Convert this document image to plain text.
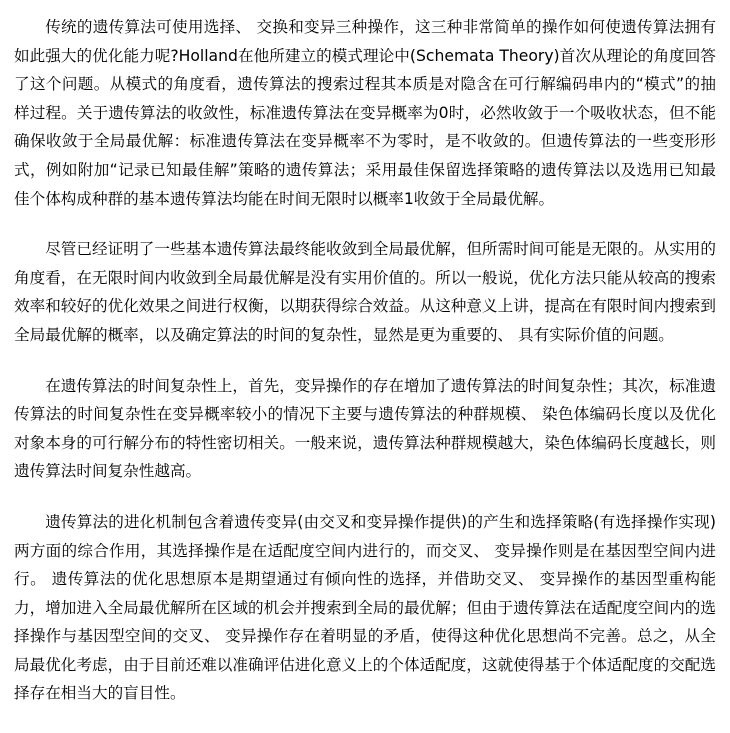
传统的遗传算法可使用选择、 交换和变异三种操作，这三种非常简单的操作如何使遗传算法拥有如此强大的优化能力呢?Holland在他所建立的模式理论中(Schemata Theory)首次从理论的角度回答了这个问题。从模式的角度看，遗传算法的搜索过程其本质是对隐含在可行解编码串内的“模式”的抽样过程。关于遗传算法的收敛性，标准遗传算法在变异概率为0时，必然收敛于一个吸收状态，但不能确保收敛于全局最优解：标准遗传算法在变异概率不为零时，是不收敛的。但遗传算法的一些变形形式，例如附加“记录已知最佳解”策略的遗传算法；采用最佳保留选择策略的遗传算法以及选用已知最佳个体构成种群的基本遗传算法均能在时间无限时以概率1收敛于全局最优解。

尽管已经证明了一些基本遗传算法最终能收敛到全局最优解，但所需时间可能是无限的。从实用的角度看，在无限时间内收敛到全局最优解是没有实用价值的。所以一般说，优化方法只能从较高的搜索效率和较好的优化效果之间进行权衡，以期获得综合效益。从这种意义上讲，提高在有限时间内搜索到全局最优解的概率，以及确定算法的时间的复杂性，显然是更为重要的、 具有实际价值的问题。

在遗传算法的时间复杂性上，首先，变异操作的存在增加了遗传算法的时间复杂性；其次，标准遗传算法的时间复杂性在变异概率较小的情况下主要与遗传算法的种群规模、 染色体编码长度以及优化对象本身的可行解分布的特性密切相关。一般来说，遗传算法种群规模越大，染色体编码长度越长，则遗传算法时间复杂性越高。

遗传算法的进化机制包含着遗传变异(由交叉和变异操作提供)的产生和选择策略(有选择操作实现)两方面的综合作用，其选择操作是在适配度空间内进行的，而交叉、 变异操作则是在基因型空间内进行。 遗传算法的优化思想原本是期望通过有倾向性的选择，并借助交叉、 变异操作的基因型重构能力，增加进入全局最优解所在区域的机会并搜索到全局的最优解；但由于遗传算法在适配度空间内的选择操作与基因型空间的交叉、 变异操作存在着明显的矛盾，使得这种优化思想尚不完善。总之，从全局最优化考虑，由于目前还难以准确评估进化意义上的个体适配度，这就使得基于个体适配度的交配选择存在相当大的盲目性。
